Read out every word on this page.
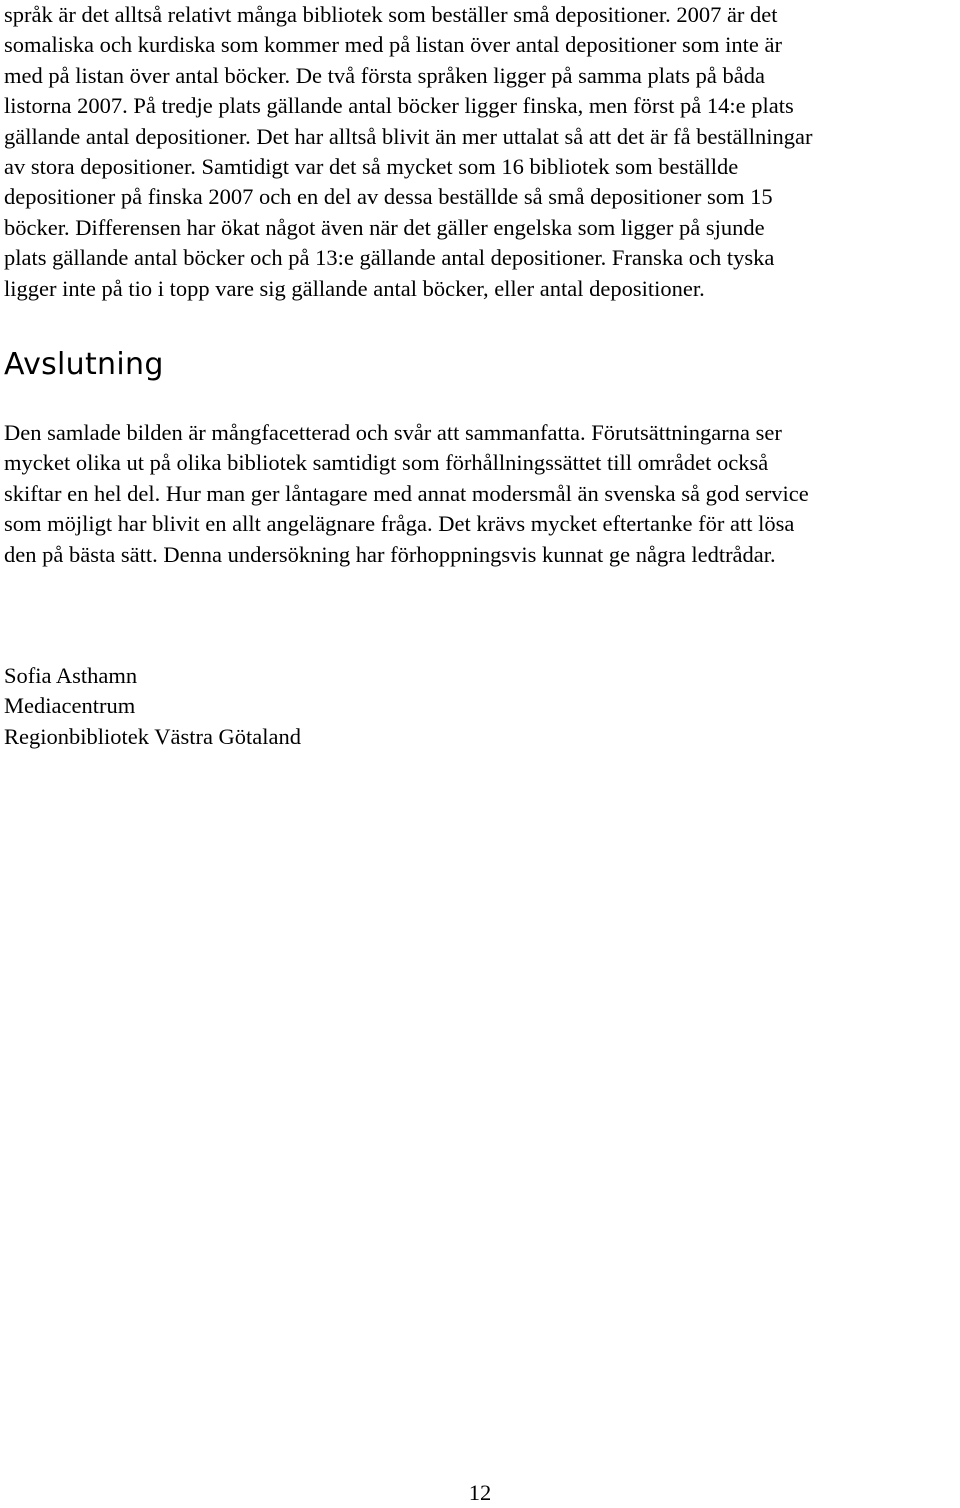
språk är det alltså relativt många bibliotek som beställer små depositioner. 2007 är det
somaliska och kurdiska som kommer med på listan över antal depositioner som inte är
med på listan över antal böcker. De två första språken ligger på samma plats på båda
listorna 2007. På tredje plats gällande antal böcker ligger finska, men först på 14:e plats
gällande antal depositioner. Det har alltså blivit än mer uttalat så att det är få beställningar
av stora depositioner. Samtidigt var det så mycket som 16 bibliotek som beställde
depositioner på finska 2007 och en del av dessa beställde så små depositioner som 15
böcker. Differensen har ökat något även när det gäller engelska som ligger på sjunde
plats gällande antal böcker och på 13:e gällande antal depositioner. Franska och tyska
ligger inte på tio i topp vare sig gällande antal böcker, eller antal depositioner.
Avslutning
Den samlade bilden är mångfacetterad och svår att sammanfatta. Förutsättningarna ser
mycket olika ut på olika bibliotek samtidigt som förhållningssättet till området också
skiftar en hel del. Hur man ger låntagare med annat modersmål än svenska så god service
som möjligt har blivit en allt angelägnare fråga. Det krävs mycket eftertanke för att lösa
den på bästa sätt. Denna undersökning har förhoppningsvis kunnat ge några ledtrådar.
Sofia Asthamn
Mediacentrum
Regionbibliotek Västra Götaland
12
